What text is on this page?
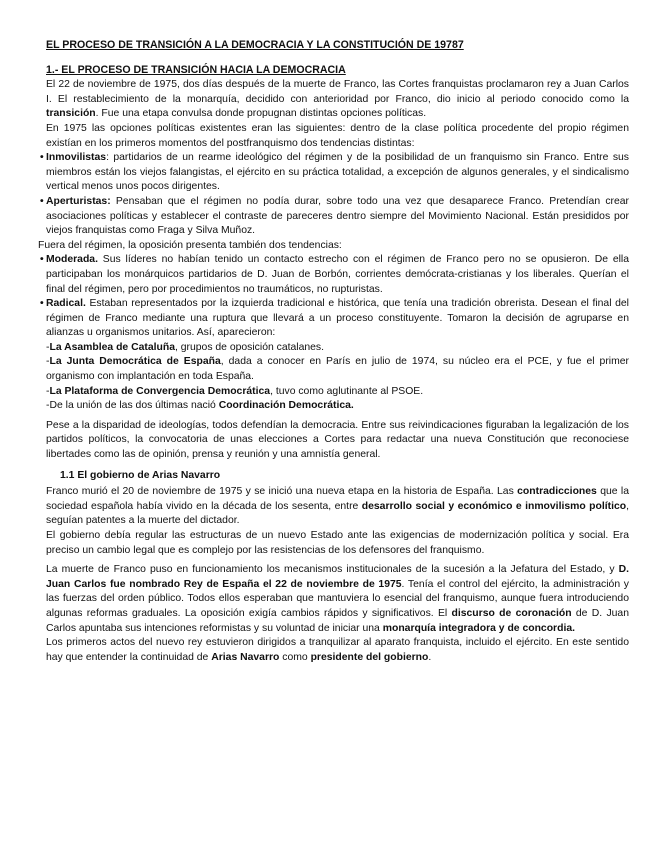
EL PROCESO DE TRANSICIÓN A LA DEMOCRACIA Y LA CONSTITUCIÓN DE 19787
1.- EL PROCESO DE TRANSICIÓN HACIA LA DEMOCRACIA

El 22 de noviembre de 1975, dos días después de la muerte de Franco, las Cortes franquistas proclamaron rey a Juan Carlos I. El restablecimiento de la monarquía, decidido con anterioridad por Franco, dio inicio al periodo conocido como la transición. Fue una etapa convulsa donde propugnan distintas opciones políticas.

En 1975 las opciones políticas existentes eran las siguientes: dentro de la clase política procedente del propio régimen existían en los primeros momentos del postfranquismo dos tendencias distintas:

• Inmovilistas: partidarios de un rearme ideológico del régimen y de la posibilidad de un franquismo sin Franco. Entre sus miembros están los viejos falangistas, el ejército en su práctica totalidad, a excepción de algunos generales, y el sindicalismo vertical menos unos pocos dirigentes.

• Aperturistas: Pensaban que el régimen no podía durar, sobre todo una vez que desaparece Franco. Pretendían crear asociaciones políticas y establecer el contraste de pareceres dentro siempre del Movimiento Nacional. Están presididos por viejos franquistas como Fraga y Silva Muñoz.

Fuera del régimen, la oposición presenta también dos tendencias:

• Moderada. Sus líderes no habían tenido un contacto estrecho con el régimen de Franco pero no se opusieron. De ella participaban los monárquicos partidarios de D. Juan de Borbón, corrientes demócrata-cristianas y los liberales. Querían el final del régimen, pero por procedimientos no traumáticos, no rupturistas.

• Radical. Estaban representados por la izquierda tradicional e histórica, que tenía una tradición obrerista. Desean el final del régimen de Franco mediante una ruptura que llevará a un proceso constituyente. Tomaron la decisión de agruparse en alianzas u organismos unitarios. Así, aparecieron:

-La Asamblea de Cataluña, grupos de oposición catalanes.

-La Junta Democrática de España, dada a conocer en París en julio de 1974, su núcleo era el PCE, y fue el primer organismo con implantación en toda España.

-La Plataforma de Convergencia Democrática, tuvo como aglutinante al PSOE.

-De la unión de las dos últimas nació Coordinación Democrática.

Pese a la disparidad de ideologías, todos defendían la democracia. Entre sus reivindicaciones figuraban la legalización de los partidos políticos, la convocatoria de unas elecciones a Cortes para redactar una nueva Constitución que reconociese libertades como las de opinión, prensa y reunión y una amnistía general.

1.1 El gobierno de Arias Navarro

Franco murió el 20 de noviembre de 1975 y se inició una nueva etapa en la historia de España. Las contradicciones que la sociedad española había vivido en la década de los sesenta, entre desarrollo social y económico e inmovilismo político, seguían patentes a la muerte del dictador.

El gobierno debía regular las estructuras de un nuevo Estado ante las exigencias de modernización política y social. Era preciso un cambio legal que es complejo por las resistencias de los defensores del franquismo.

La muerte de Franco puso en funcionamiento los mecanismos institucionales de la sucesión a la Jefatura del Estado, y D. Juan Carlos fue nombrado Rey de España el 22 de noviembre de 1975. Tenía el control del ejército, la administración y las fuerzas del orden público. Todos ellos esperaban que mantuviera lo esencial del franquismo, aunque fuera introduciendo algunas reformas graduales. La oposición exigía cambios rápidos y significativos. El discurso de coronación de D. Juan Carlos apuntaba sus intenciones reformistas y su voluntad de iniciar una monarquía integradora y de concordia.

Los primeros actos del nuevo rey estuvieron dirigidos a tranquilizar al aparato franquista, incluido el ejército. En este sentido hay que entender la continuidad de Arias Navarro como presidente del gobierno.
